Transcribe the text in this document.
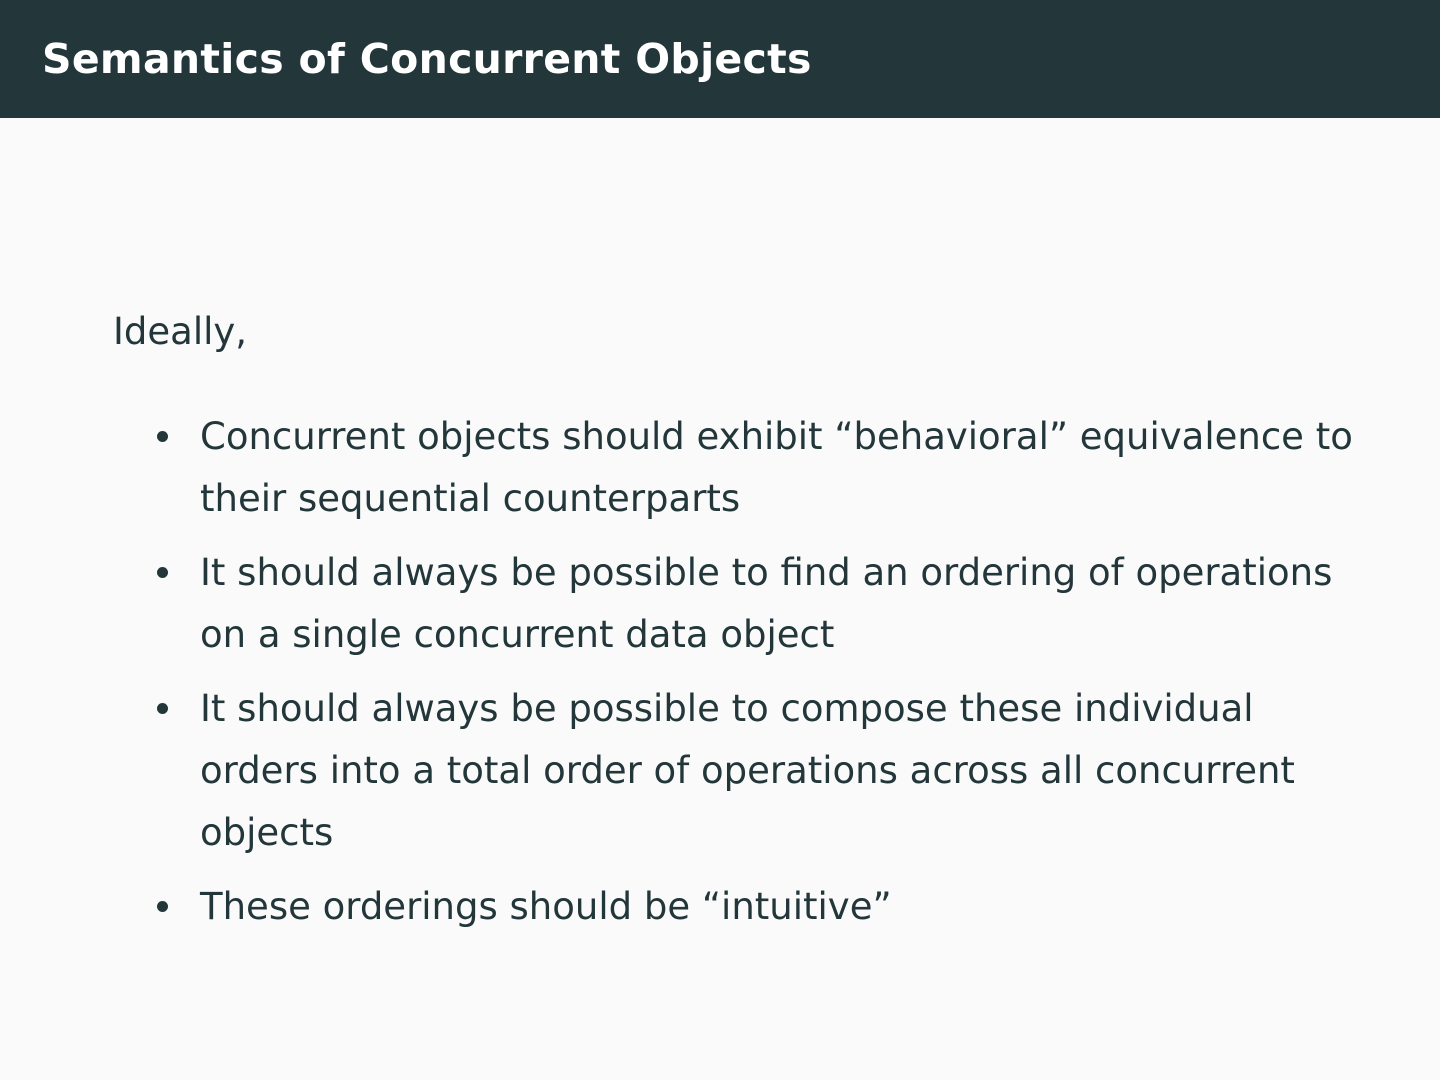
Semantics of Concurrent Objects

Ideally,

Concurrent objects should exhibit “behavioral” equivalence to their sequential counterparts
It should always be possible to find an ordering of operations on a single concurrent data object
It should always be possible to compose these individual orders into a total order of operations across all concurrent objects
These orderings should be “intuitive”
